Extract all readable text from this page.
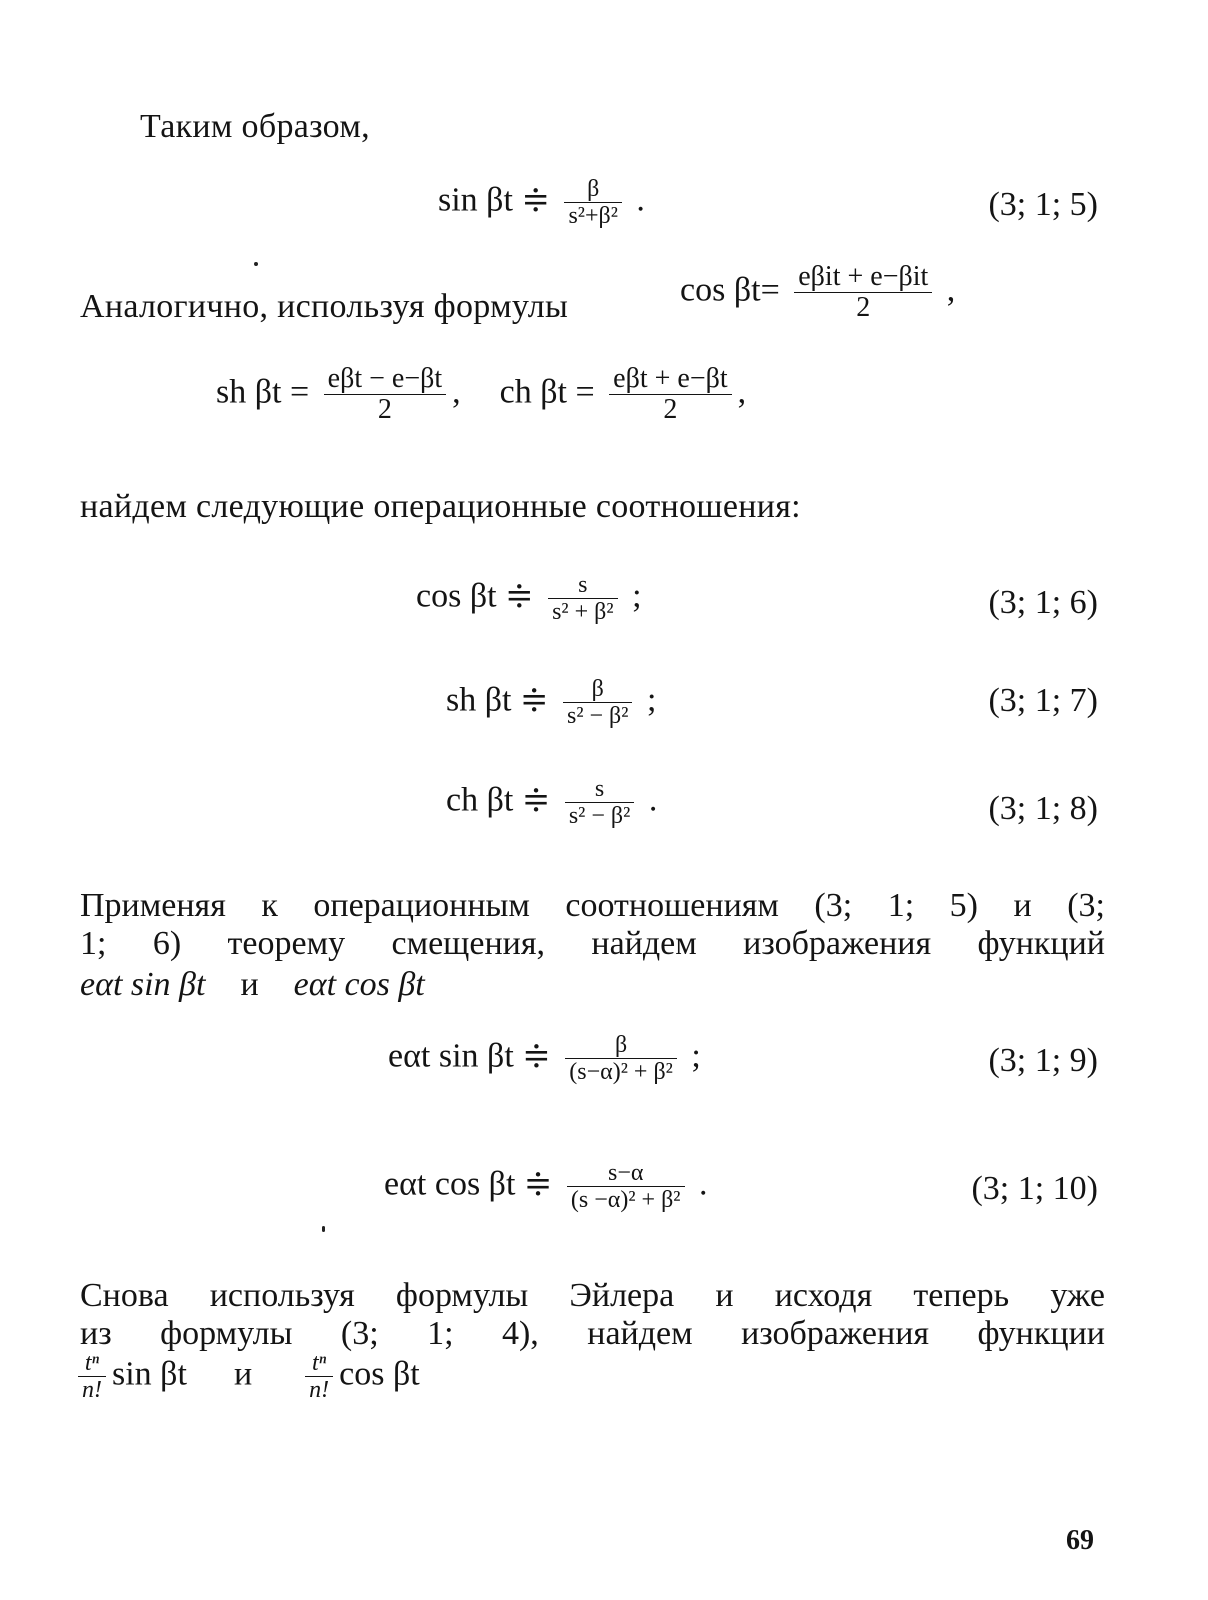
Таким образом,
sin βt ≑ $\frac{\beta}{\text{s²+β²}}$ .	(3; 1; 5)
Аналогично, используя формулы	$\cos \beta t= \frac{\text{eβit + e−βit}}{2}$ ,
sh $\beta t = \frac{\text{eβt − e−βt}}{2}$ , ch $\beta t = \frac{\text{eβt + e−βt}}{2}$ ,
найдем следующие операционные соотношения:
cos βt ≑ $\frac{s}{\text{s² + β²}}$ ;	(3; 1; 6)
sh βt ≑ $\frac{\beta}{\text{s² − β²}}$ ;	(3; 1; 7)
ch βt ≑ $\frac{s}{\text{s² − β²}}$ .	(3; 1; 8)
Применяя к операционным соотношениям (3; 1; 5) и (3;
1; 6) теорему смещения, найдем изображения функций
eαt sin βt и eαt cos βt
eαt sin βt ≑ $\frac{\beta}{\text{(s−α)² + β²}}$ ;	(3; 1; 9)
eαt cos βt ≑ $\frac{s-\alpha}{\text{(s −α)² + β²}}$ .	(3; 1; 10)
Снова используя формулы Эйлера и исходя теперь уже
из формулы (3; 1; 4), найдем изображения функции
$\frac{\text{tⁿ}}{n!}$ sin βt и $\frac{\text{tⁿ}}{n!}$ cos βt
69
